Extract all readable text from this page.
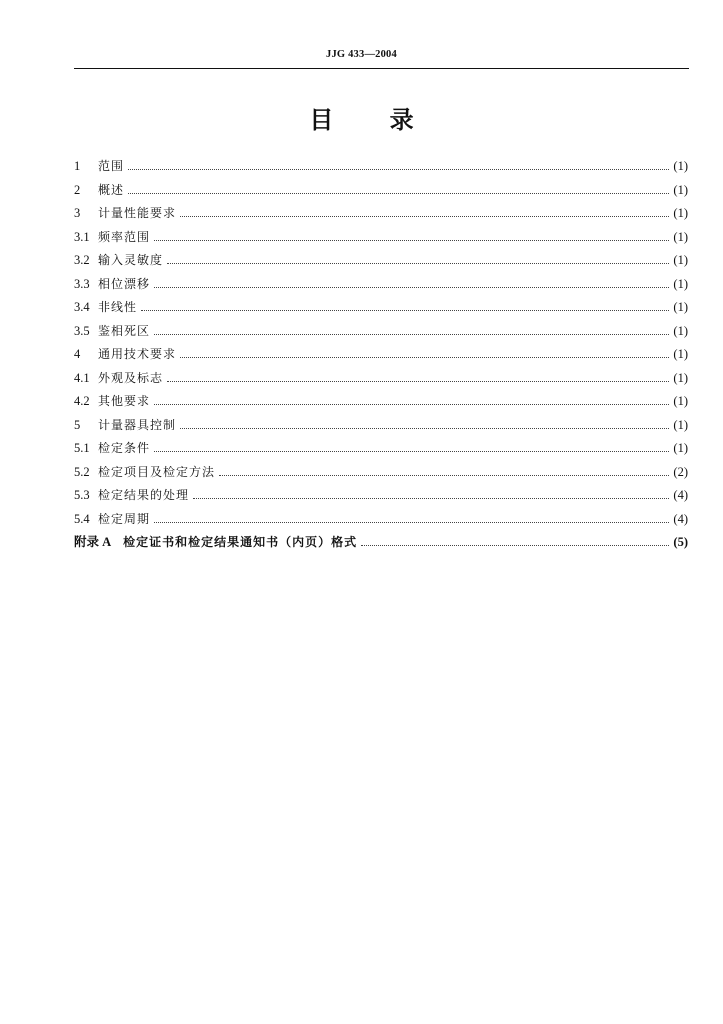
JJG 433—2004
目 录
1	范围	(1)
2	概述	(1)
3	计量性能要求	(1)
3.1 频率范围	(1)
3.2 输入灵敏度	(1)
3.3 相位漂移	(1)
3.4 非线性	(1)
3.5 鉴相死区	(1)
4	通用技术要求	(1)
4.1 外观及标志	(1)
4.2 其他要求	(1)
5	计量器具控制	(1)
5.1 检定条件	(1)
5.2 检定项目及检定方法	(2)
5.3 检定结果的处理	(4)
5.4 检定周期	(4)
附录 A 检定证书和检定结果通知书（内页）格式	(5)
